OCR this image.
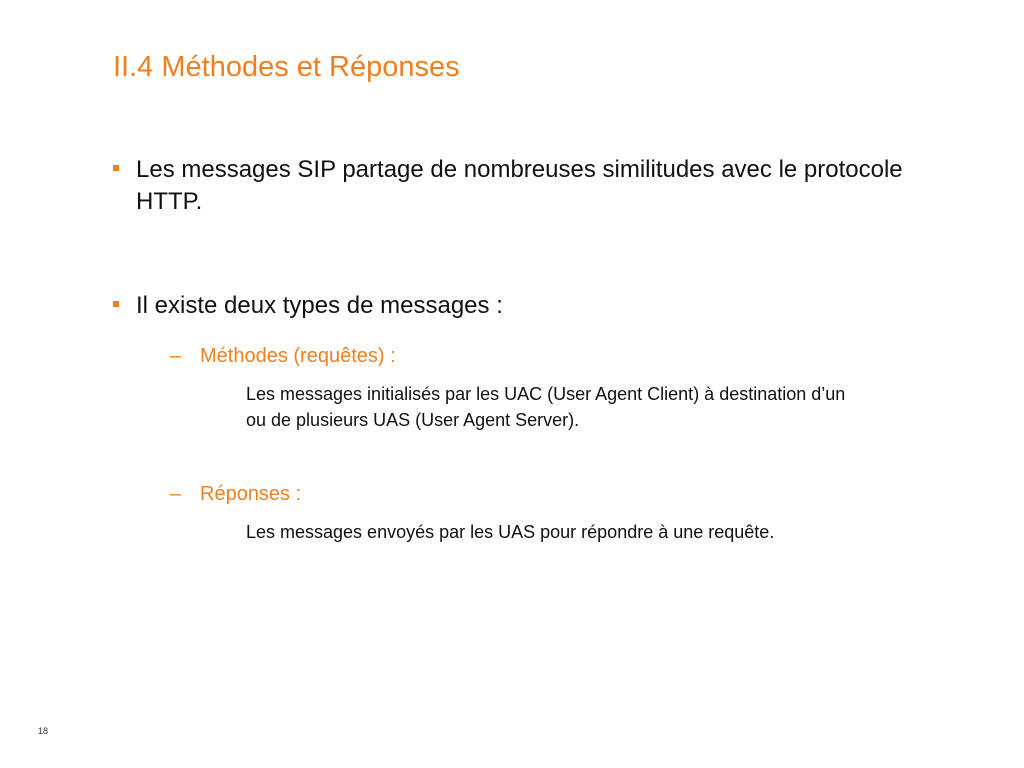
II.4 Méthodes et Réponses
Les messages SIP partage de nombreuses similitudes avec le protocole HTTP.
Il existe deux types de messages :
– Méthodes (requêtes) :
Les messages initialisés par les UAC (User Agent Client) à destination d’un ou de plusieurs UAS (User Agent Server).
– Réponses :
Les messages envoyés par les UAS pour répondre à une requête.
18
